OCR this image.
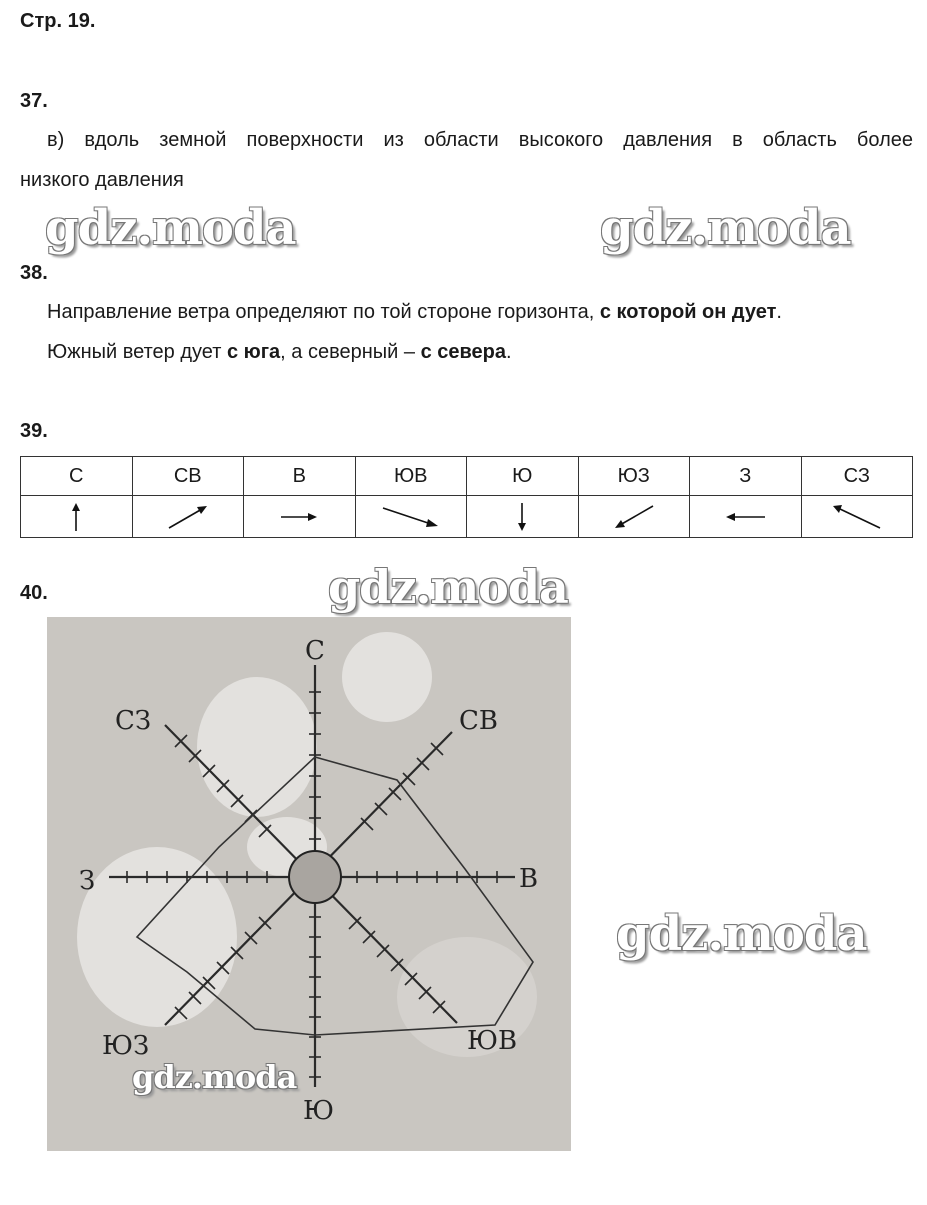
Стр. 19.
37.
в) вдоль земной поверхности из области высокого давления в область более
низкого давления
gdz.moda	gdz.moda
38.
Направление ветра определяют по той стороне горизонта, с которой он дует.
Южный ветер дует с юга, а северный – с севера.
39.
С	СВ	В	ЮВ	Ю	ЮЗ	З	СЗ

40.	gdz.moda
С
СВ
В
ЮВ
Ю
ЮЗ
З
СЗ
gdz.moda
gdz.moda
